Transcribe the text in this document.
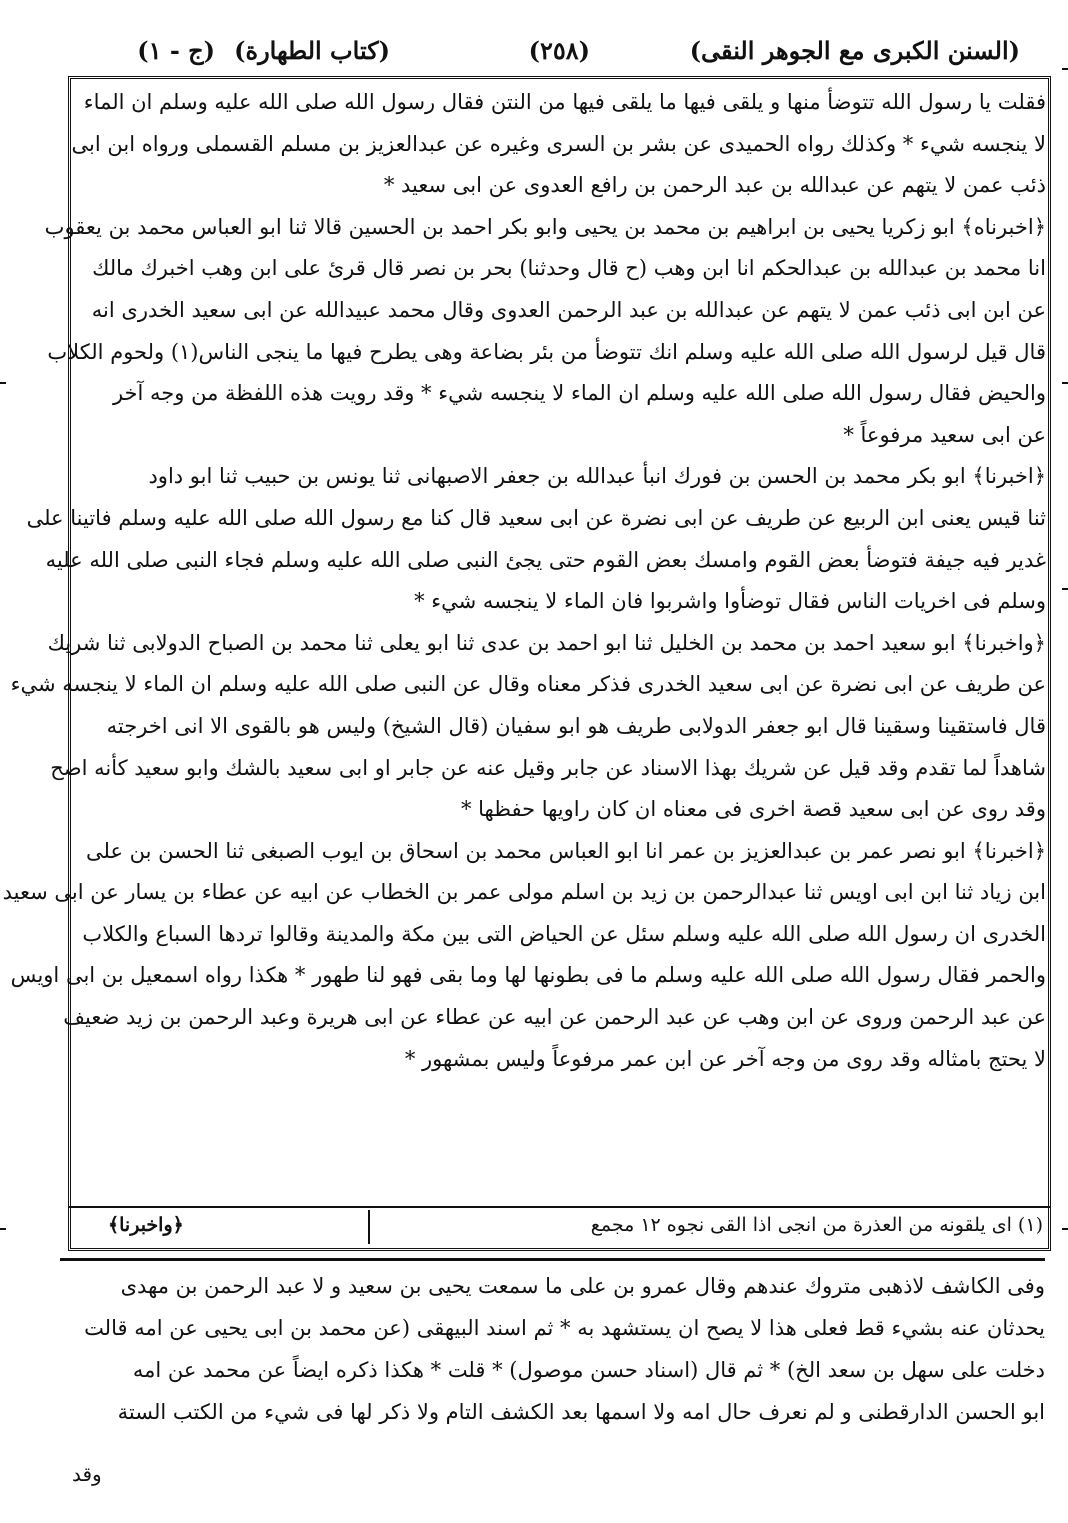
(السنن الكبرى مع الجوهر النقى)
(٢٥٨)
(كتاب الطهارة)
(ج - ١)
فقلت يا رسول الله تتوضأ منها و يلقى فيها ما يلقى فيها من النتن فقال رسول الله صلى الله عليه وسلم ان الماء
لا ينجسه شيء * وكذلك رواه الحميدى عن بشر بن السرى وغيره عن عبدالعزيز بن مسلم القسملى ورواه ابن ابى
ذئب عمن لا يتهم عن عبدالله بن عبد الرحمن بن رافع العدوى عن ابى سعيد *
﴿اخبرناه﴾ ابو زكريا يحيى بن ابراهيم بن محمد بن يحيى وابو بكر احمد بن الحسين قالا ثنا ابو العباس محمد بن يعقوب
انا محمد بن عبدالله بن عبدالحكم انا ابن وهب (ح قال وحدثنا) بحر بن نصر قال قرئ على ابن وهب اخبرك مالك
عن ابن ابى ذئب عمن لا يتهم عن عبدالله بن عبد الرحمن العدوى وقال محمد عبيدالله عن ابى سعيد الخدرى انه
قال قيل لرسول الله صلى الله عليه وسلم انك تتوضأ من بئر بضاعة وهى يطرح فيها ما ينجى الناس(١) ولحوم الكلاب
والحيض فقال رسول الله صلى الله عليه وسلم ان الماء لا ينجسه شيء * وقد رويت هذه اللفظة من وجه آخر
عن ابى سعيد مرفوعاً *
﴿اخبرنا﴾ ابو بكر محمد بن الحسن بن فورك انبأ عبدالله بن جعفر الاصبهانى ثنا يونس بن حبيب ثنا ابو داود
ثنا قيس يعنى ابن الربيع عن طريف عن ابى نضرة عن ابى سعيد قال كنا مع رسول الله صلى الله عليه وسلم فاتينا على
غدير فيه جيفة فتوضأ بعض القوم وامسك بعض القوم حتى يجئ النبى صلى الله عليه وسلم فجاء النبى صلى الله عليه
وسلم فى اخريات الناس فقال توضأوا واشربوا فان الماء لا ينجسه شيء *
﴿واخبرنا﴾ ابو سعيد احمد بن محمد بن الخليل ثنا ابو احمد بن عدى ثنا ابو يعلى ثنا محمد بن الصباح الدولابى ثنا شريك
عن طريف عن ابى نضرة عن ابى سعيد الخدرى فذكر معناه وقال عن النبى صلى الله عليه وسلم ان الماء لا ينجسه شيء
قال فاستقينا وسقينا قال ابو جعفر الدولابى طريف هو ابو سفيان (قال الشيخ) وليس هو بالقوى الا انى اخرجته
شاهداً لما تقدم وقد قيل عن شريك بهذا الاسناد عن جابر وقيل عنه عن جابر او ابى سعيد بالشك وابو سعيد كأنه اصح
وقد روى عن ابى سعيد قصة اخرى فى معناه ان كان راويها حفظها *
﴿اخبرنا﴾ ابو نصر عمر بن عبدالعزيز بن عمر انا ابو العباس محمد بن اسحاق بن ايوب الصبغى ثنا الحسن بن على
ابن زياد ثنا ابن ابى اويس ثنا عبدالرحمن بن زيد بن اسلم مولى عمر بن الخطاب عن ابيه عن عطاء بن يسار عن ابى سعيد
الخدرى ان رسول الله صلى الله عليه وسلم سئل عن الحياض التى بين مكة والمدينة وقالوا تردها السباع والكلاب
والحمر فقال رسول الله صلى الله عليه وسلم ما فى بطونها لها وما بقى فهو لنا طهور * هكذا رواه اسمعيل بن ابى اويس
عن عبد الرحمن وروى عن ابن وهب عن عبد الرحمن عن ابيه عن عطاء عن ابى هريرة وعبد الرحمن بن زيد ضعيف
لا يحتج بامثاله وقد روى من وجه آخر عن ابن عمر مرفوعاً وليس بمشهور *
(١) اى يلقونه من العذرة من انجى اذا القى نجوه ١٢ مجمع
﴿واخبرنا﴾
وفى الكاشف لاذهبى متروك عندهم وقال عمرو بن على ما سمعت يحيى بن سعيد و لا عبد الرحمن بن مهدى
يحدثان عنه بشيء قط فعلى هذا لا يصح ان يستشهد به * ثم اسند البيهقى (عن محمد بن ابى يحيى عن امه قالت
دخلت على سهل بن سعد الخ) * ثم قال (اسناد حسن موصول) * قلت * هكذا ذكره ايضاً عن محمد عن امه
ابو الحسن الدارقطنى و لم نعرف حال امه ولا اسمها بعد الكشف التام ولا ذكر لها فى شيء من الكتب الستة
وقد
